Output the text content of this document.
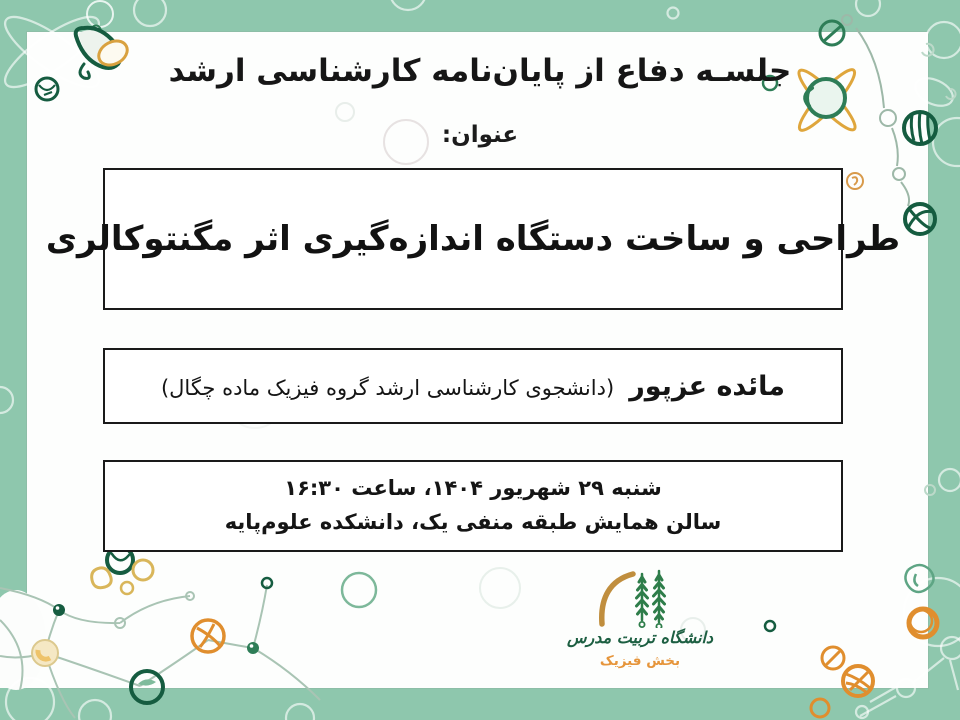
جلسـه دفاع از پایان‌نامه کارشناسی ارشد
عنوان:
طراحی و ساخت دستگاه اندازه‌گیری اثر مگنتوکالری
مائده عزپور (دانشجوی کارشناسی ارشد گروه فیزیک ماده چگال)
شنبه ۲۹ شهریور ۱۴۰۴، ساعت ۱۶:۳۰
سالن همایش طبقه منفی یک، دانشکده علوم‌پایه
دانشگاه تربیت مدرس
بخش فیزیک
